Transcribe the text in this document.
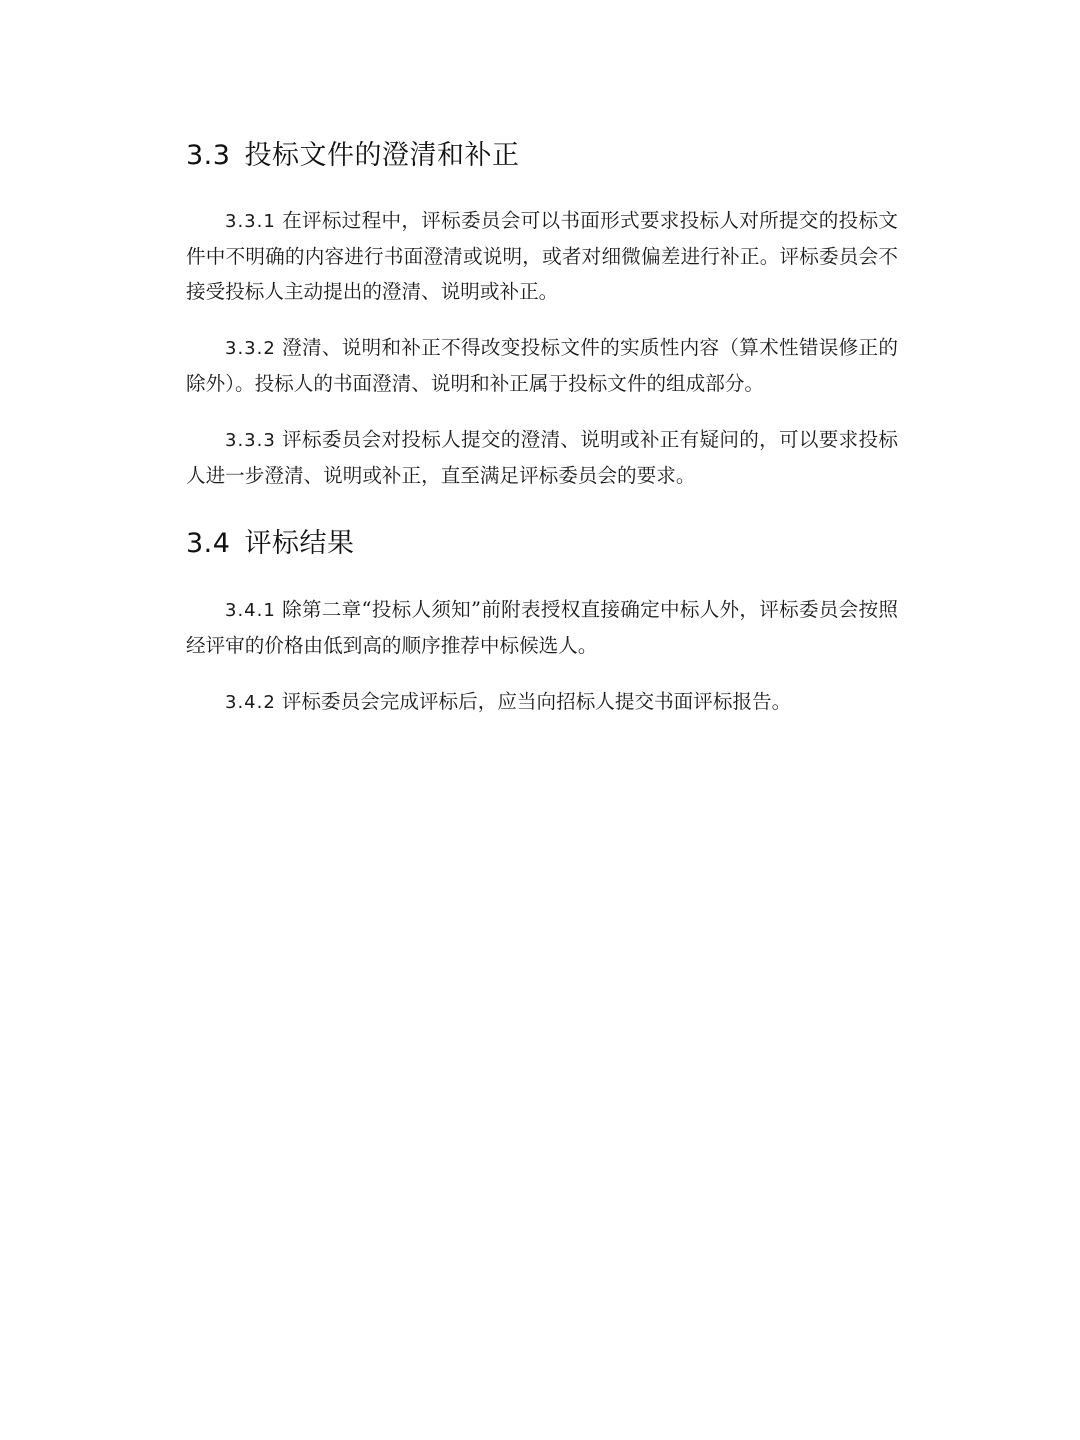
3.3 投标文件的澄清和补正

3.3.1 在评标过程中，评标委员会可以书面形式要求投标人对所提交的投标文件中不明确的内容进行书面澄清或说明，或者对细微偏差进行补正。评标委员会不接受投标人主动提出的澄清、说明或补正。

3.3.2 澄清、说明和补正不得改变投标文件的实质性内容（算术性错误修正的除外）。投标人的书面澄清、说明和补正属于投标文件的组成部分。

3.3.3 评标委员会对投标人提交的澄清、说明或补正有疑问的，可以要求投标人进一步澄清、说明或补正，直至满足评标委员会的要求。

3.4 评标结果

3.4.1 除第二章“投标人须知”前附表授权直接确定中标人外，评标委员会按照经评审的价格由低到高的顺序推荐中标候选人。

3.4.2 评标委员会完成评标后，应当向招标人提交书面评标报告。
